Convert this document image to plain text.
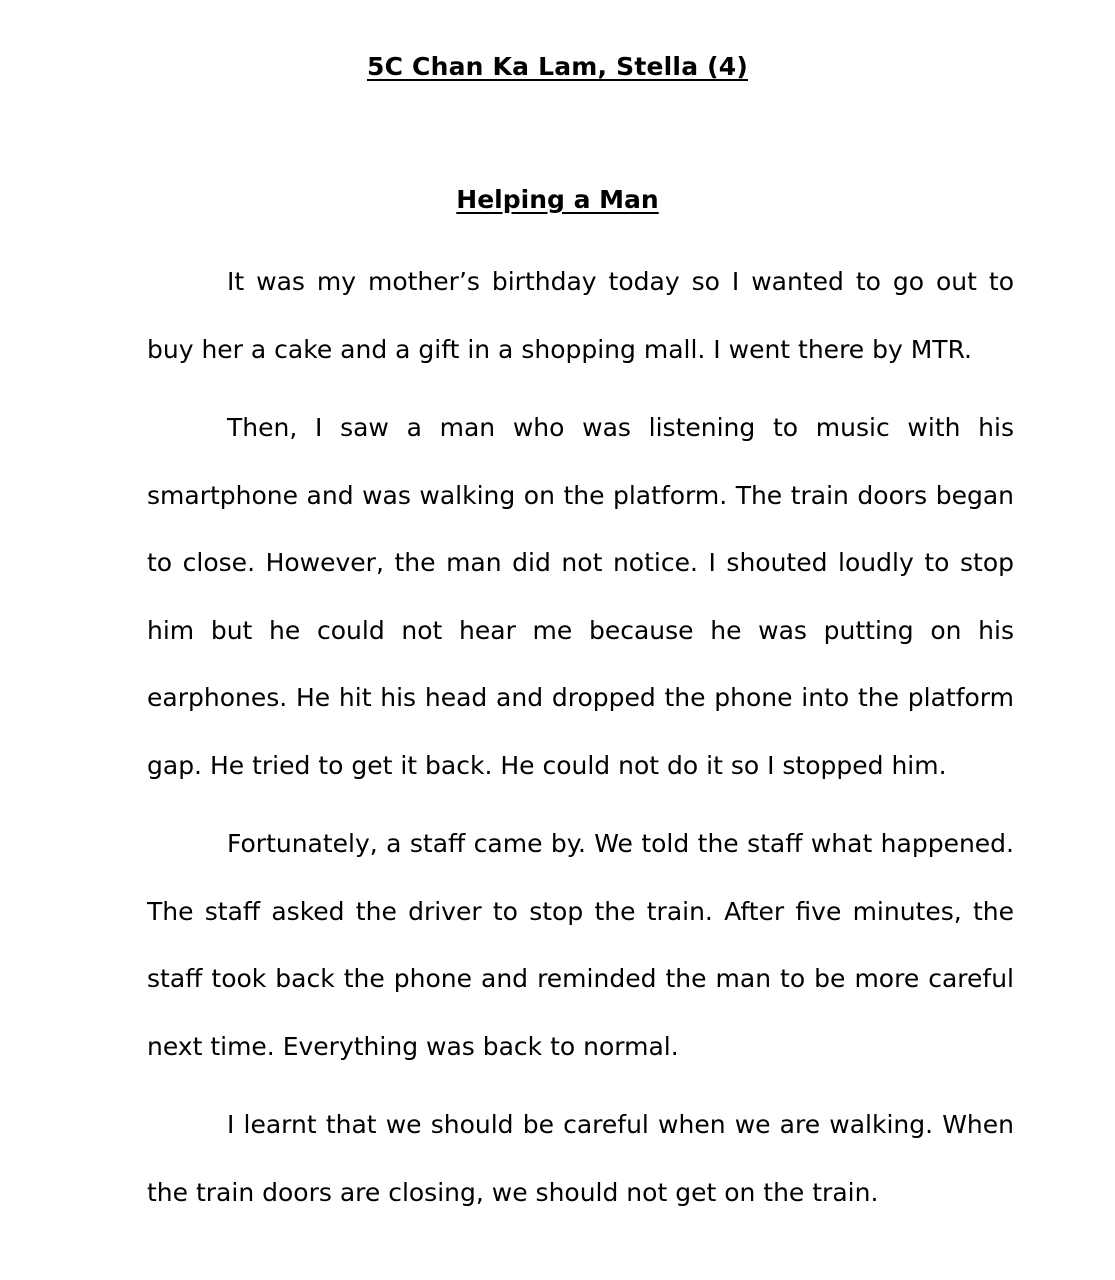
5C Chan Ka Lam, Stella (4)
Helping a Man

It was my mother’s birthday today so I wanted to go out to buy her a cake and a gift in a shopping mall. I went there by MTR.

Then, I saw a man who was listening to music with his smartphone and was walking on the platform. The train doors began to close. However, the man did not notice. I shouted loudly to stop him but he could not hear me because he was putting on his earphones. He hit his head and dropped the phone into the platform gap. He tried to get it back. He could not do it so I stopped him.

Fortunately, a staff came by. We told the staff what happened. The staff asked the driver to stop the train. After five minutes, the staff took back the phone and reminded the man to be more careful next time. Everything was back to normal.

I learnt that we should be careful when we are walking. When the train doors are closing, we should not get on the train.
